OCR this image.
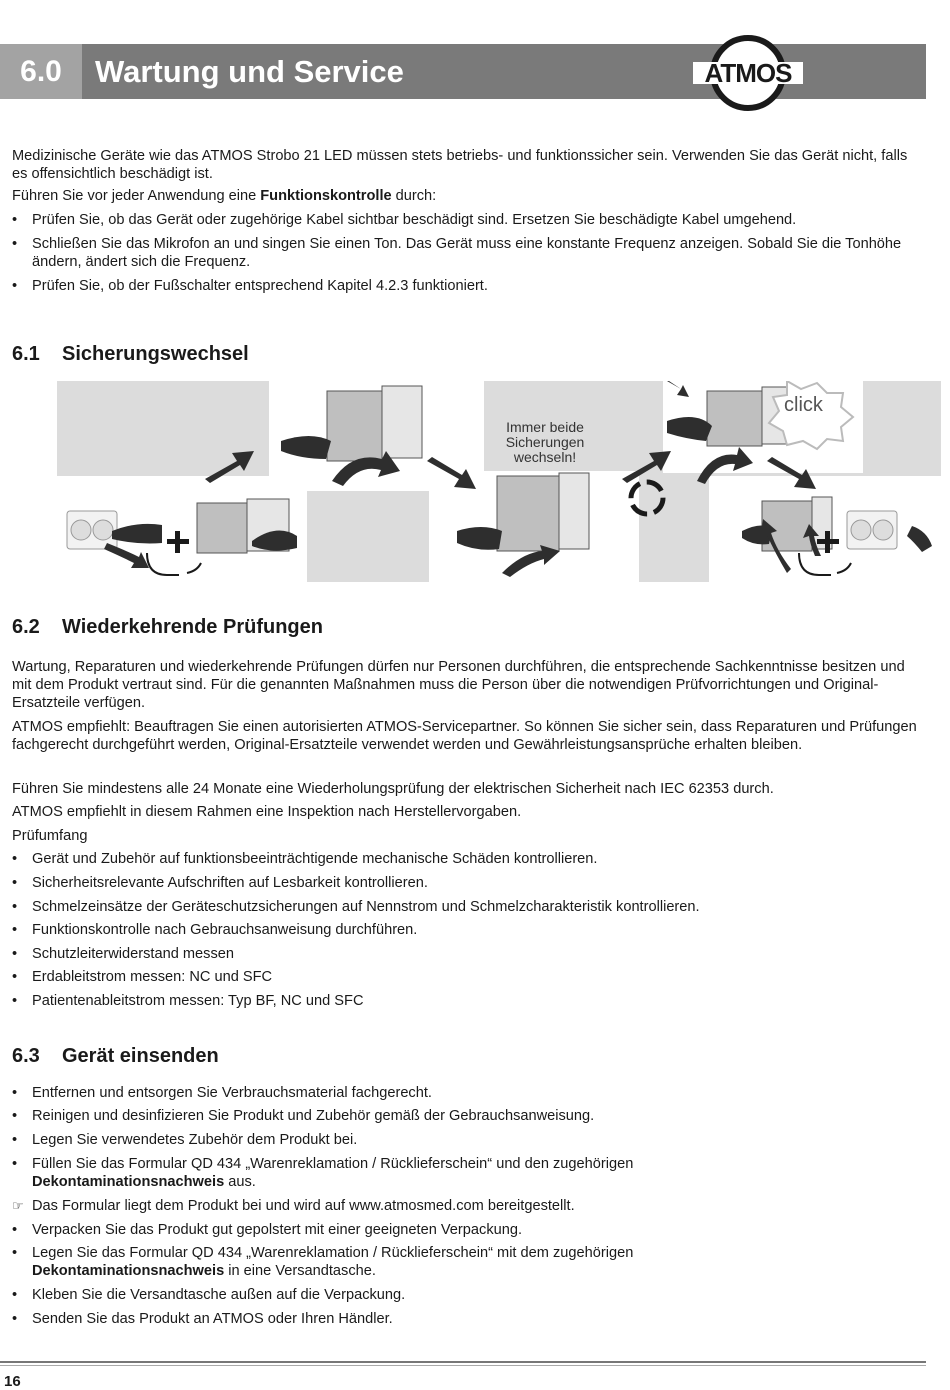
6.0	Wartung und Service	ATMOS

Medizinische Geräte wie das ATMOS Strobo 21 LED müssen stets betriebs- und funktionssicher sein. Verwenden Sie das Gerät nicht, falls es offensichtlich beschädigt ist.

Führen Sie vor jeder Anwendung eine Funktionskontrolle durch:

•	Prüfen Sie, ob das Gerät oder zugehörige Kabel sichtbar beschädigt sind. Ersetzen Sie beschädigte Kabel umgehend.
•	Schließen Sie das Mikrofon an und singen Sie einen Ton. Das Gerät muss eine konstante Frequenz anzeigen. Sobald Sie die Tonhöhe ändern, ändert sich die Frequenz.
•	Prüfen Sie, ob der Fußschalter entsprechend Kapitel 4.2.3 funktioniert.
6.1 Sicherungswechsel
Immer beide Sicherungen wechseln!
click
6.2 Wiederkehrende Prüfungen

Wartung, Reparaturen und wiederkehrende Prüfungen dürfen nur Personen durchführen, die entsprechende Sachkenntnisse besitzen und mit dem Produkt vertraut sind. Für die genannten Maßnahmen muss die Person über die notwendigen Prüfvorrichtungen und Original-Ersatzteile verfügen.

ATMOS empfiehlt: Beauftragen Sie einen autorisierten ATMOS-Servicepartner. So können Sie sicher sein, dass Reparaturen und Prüfungen fachgerecht durchgeführt werden, Original-Ersatzteile verwendet werden und Gewährleistungsansprüche erhalten bleiben.

Führen Sie mindestens alle 24 Monate eine Wiederholungsprüfung der elektrischen Sicherheit nach IEC 62353 durch.

ATMOS empfiehlt in diesem Rahmen eine Inspektion nach Herstellervorgaben.

Prüfumfang

•	Gerät und Zubehör auf funktionsbeeinträchtigende mechanische Schäden kontrollieren.
•	Sicherheitsrelevante Aufschriften auf Lesbarkeit kontrollieren.
•	Schmelzeinsätze der Geräteschutzsicherungen auf Nennstrom und Schmelzcharakteristik kontrollieren.
•	Funktionskontrolle nach Gebrauchsanweisung durchführen.
•	Schutzleiterwiderstand messen
•	Erdableitstrom messen: NC und SFC
•	Patientenableitstrom messen: Typ BF, NC und SFC
6.3 Gerät einsenden
•	Entfernen und entsorgen Sie Verbrauchsmaterial fachgerecht.
•	Reinigen und desinfizieren Sie Produkt und Zubehör gemäß der Gebrauchsanweisung.
•	Legen Sie verwendetes Zubehör dem Produkt bei.
•	Füllen Sie das Formular QD 434 „Warenreklamation / Rücklieferschein“ und den zugehörigen
Dekontaminationsnachweis aus.
☞ Das Formular liegt dem Produkt bei und wird auf www.atmosmed.com bereitgestellt.
•	Verpacken Sie das Produkt gut gepolstert mit einer geeigneten Verpackung.
•	Legen Sie das Formular QD 434 „Warenreklamation / Rücklieferschein“ mit dem zugehörigen
Dekontaminationsnachweis in eine Versandtasche.
•	Kleben Sie die Versandtasche außen auf die Verpackung.
•	Senden Sie das Produkt an ATMOS oder Ihren Händler.
16
